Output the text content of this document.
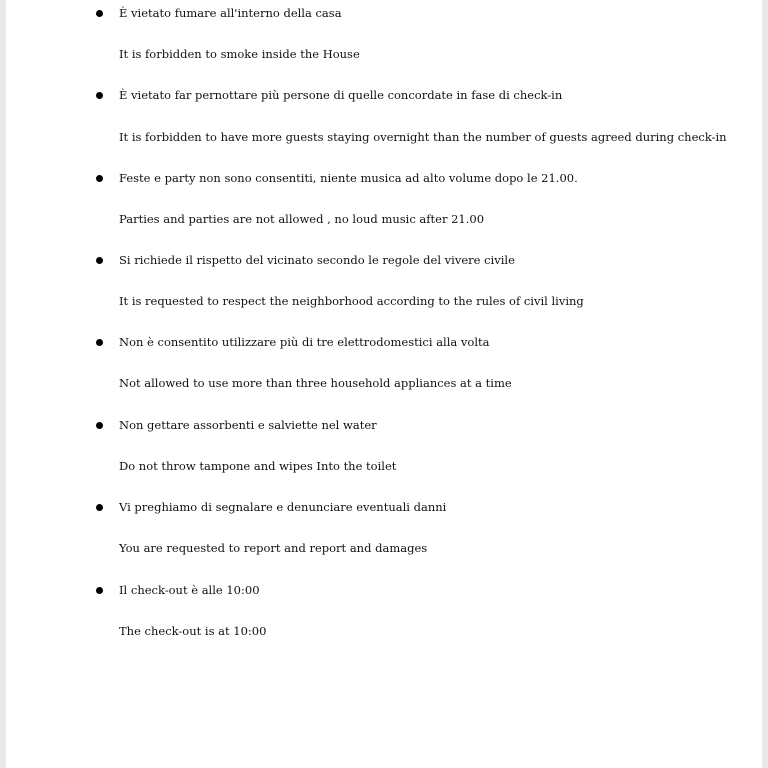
È vietato fumare all'interno della casa
It is forbidden to smoke inside the House
È vietato far pernottare più persone di quelle concordate in fase di check-in
It is forbidden to have more guests staying overnight than the number of guests agreed during check-in
Feste e party non sono consentiti, niente musica ad alto volume dopo le 21.00.
Parties and parties are not allowed , no loud music after 21.00
Si richiede il rispetto del vicinato secondo le regole del vivere civile
It is requested to respect the neighborhood according to the rules of civil living
Non è consentito utilizzare più di tre elettrodomestici alla volta
Not allowed to use more than three household appliances at a time
Non gettare assorbenti e salviette nel water
Do not throw tampone and wipes Into the toilet
Vi preghiamo di segnalare e denunciare eventuali danni
You are requested to report and report and damages
Il check-out è alle 10:00
The check-out is at 10:00
